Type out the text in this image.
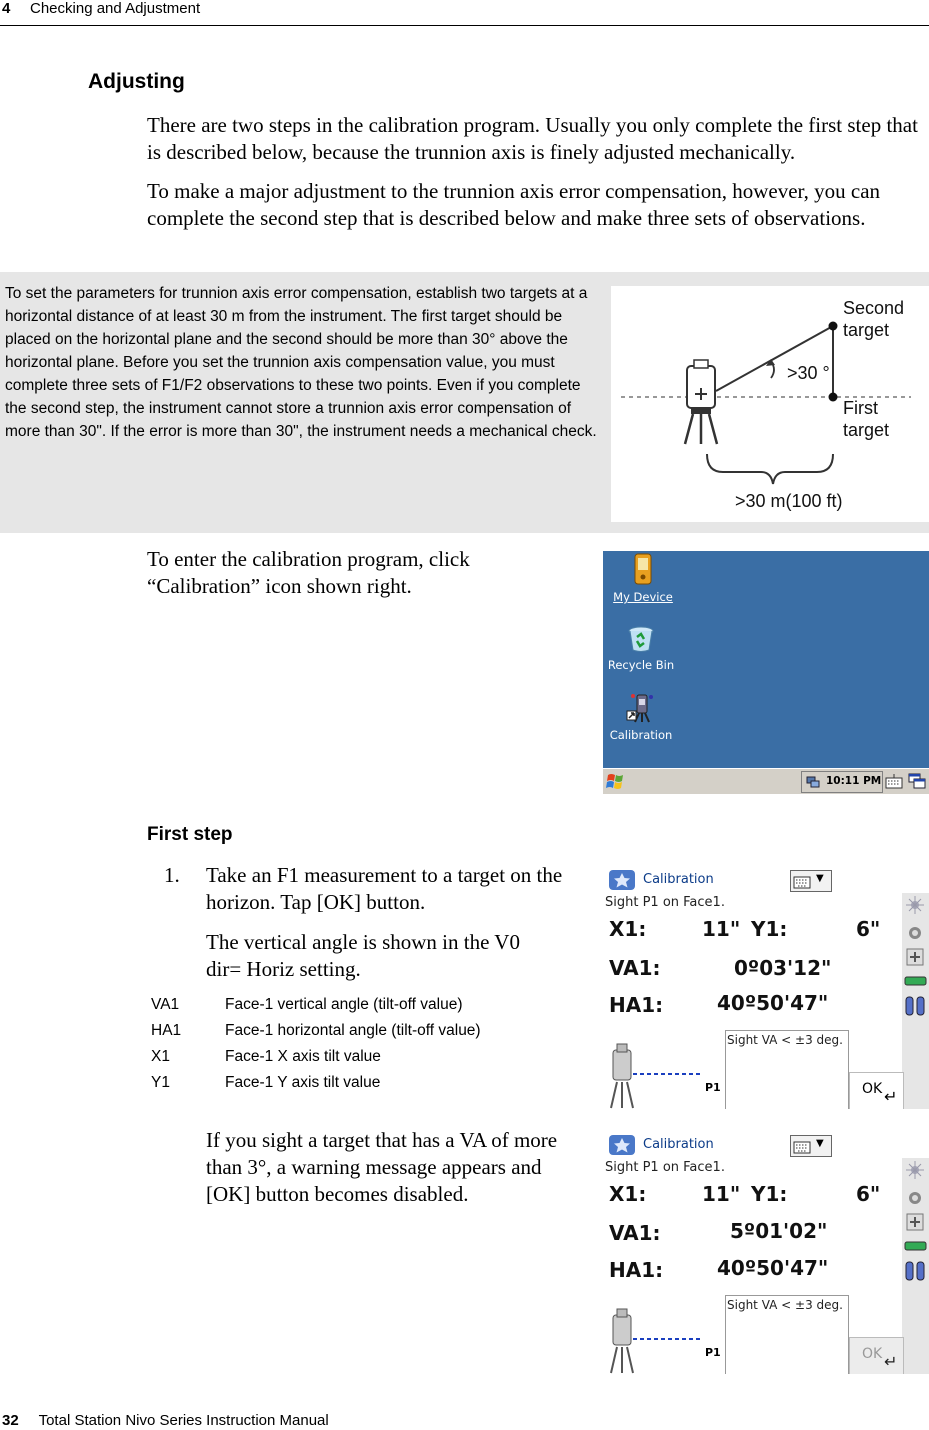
4 Checking and Adjustment
Adjusting

There are two steps in the calibration program. Usually you only complete the first step that is described below, because the trunnion axis is finely adjusted mechanically.

To make a major adjustment to the trunnion axis error compensation, however, you can complete the second step that is described below and make three sets of observations.

To set the parameters for trunnion axis error compensation, establish two targets at a horizontal distance of at least 30 m from the instrument. The first target should be placed on the horizontal plane and the second should be more than 30° above the horizontal plane. Before you set the trunnion axis compensation value, you must complete three sets of F1/F2 observations to these two points. Even if you complete the second step, the instrument cannot store a trunnion axis error compensation of more than 30". If the error is more than 30", the instrument needs a mechanical check.

Second
target
First
target
>30 °
>30 m(100 ft)

To enter the calibration program, click “Calibration” icon shown right.	My Device

Recycle Bin

Calibration
10:11 PM
First step
1. Take an F1 measurement to a target on the horizon. Tap [OK] button.

The vertical angle is shown in the V0 dir= Horiz setting.

VA1	Face-1 vertical angle (tilt-off value)
HA1	Face-1 horizontal angle (tilt-off value)
X1	Face-1 X axis tilt value
Y1	Face-1 Y axis tilt value

If you sight a target that has a VA of more than 3°, a warning message appears and [OK] button becomes disabled.

Calibration	▼
Sight P1 on Face1.
X1:	11" Y1:	6"
VA1:	0º03'12"
HA1:	40º50'47"
P1
Sight VA < ±3 deg.
OK ↵
Calibration	▼
Sight P1 on Face1.
X1:	11" Y1:	6"
VA1:	5º01'02"
HA1:	40º50'47"
P1
Sight VA < ±3 deg.
OK ↵
32 Total Station Nivo Series Instruction Manual
